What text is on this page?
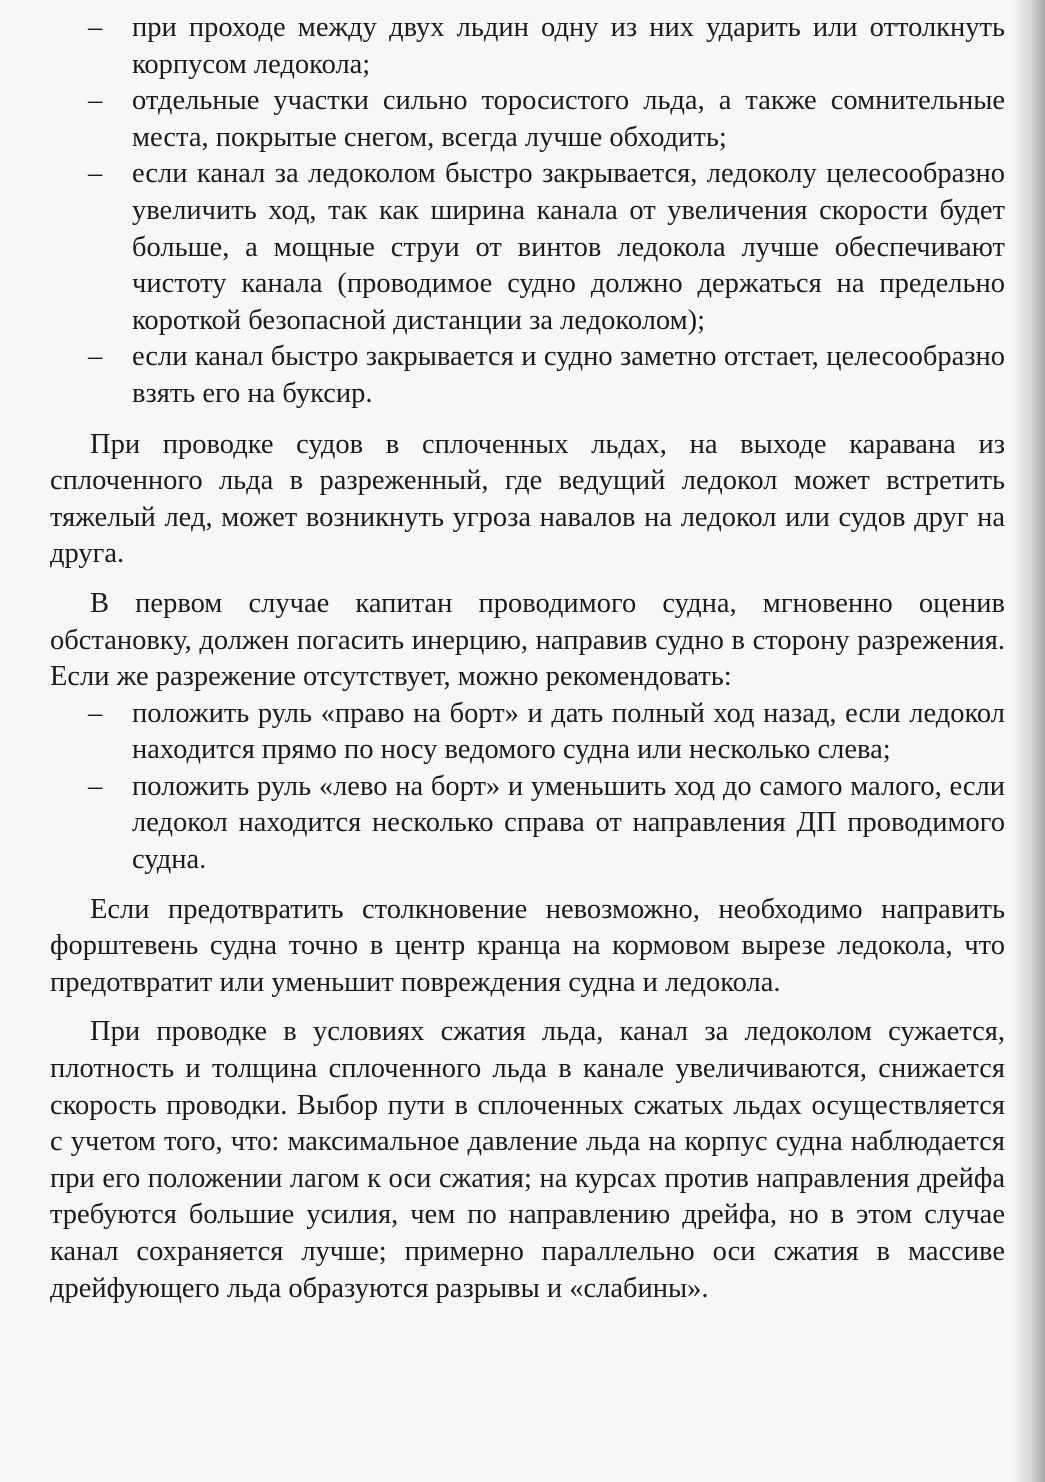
– при проходе между двух льдин одну из них ударить или оттолкнуть корпусом ледокола;

– отдельные участки сильно торосистого льда, а также сомнительные места, покрытые снегом, всегда лучше обходить;

– если канал за ледоколом быстро закрывается, ледоколу целесообразно увеличить ход, так как ширина канала от увеличения скорости будет больше, а мощные струи от винтов ледокола лучше обеспечивают чистоту канала (проводимое судно должно держаться на предельно короткой безопасной дистанции за ледоколом);

– если канал быстро закрывается и судно заметно отстает, целесообразно взять его на буксир.

При проводке судов в сплоченных льдах, на выходе каравана из сплоченного льда в разреженный, где ведущий ледокол может встретить тяжелый лед, может возникнуть угроза навалов на ледокол или судов друг на друга.

В первом случае капитан проводимого судна, мгновенно оценив обстановку, должен погасить инерцию, направив судно в сторону разрежения. Если же разрежение отсутствует, можно рекомендовать:

– положить руль «право на борт» и дать полный ход назад, если ледокол находится прямо по носу ведомого судна или несколько слева;

– положить руль «лево на борт» и уменьшить ход до самого малого, если ледокол находится несколько справа от направления ДП проводимого судна.

Если предотвратить столкновение невозможно, необходимо направить форштевень судна точно в центр кранца на кормовом вырезе ледокола, что предотвратит или уменьшит повреждения судна и ледокола.

При проводке в условиях сжатия льда, канал за ледоколом сужается, плотность и толщина сплоченного льда в канале увеличиваются, снижается скорость проводки. Выбор пути в сплоченных сжатых льдах осуществляется с учетом того, что: максимальное давление льда на корпус судна наблюдается при его положении лагом к оси сжатия; на курсах против направления дрейфа требуются большие усилия, чем по направлению дрейфа, но в этом случае канал сохраняется лучше; примерно параллельно оси сжатия в массиве дрейфующего льда образуются разрывы и «слабины».
